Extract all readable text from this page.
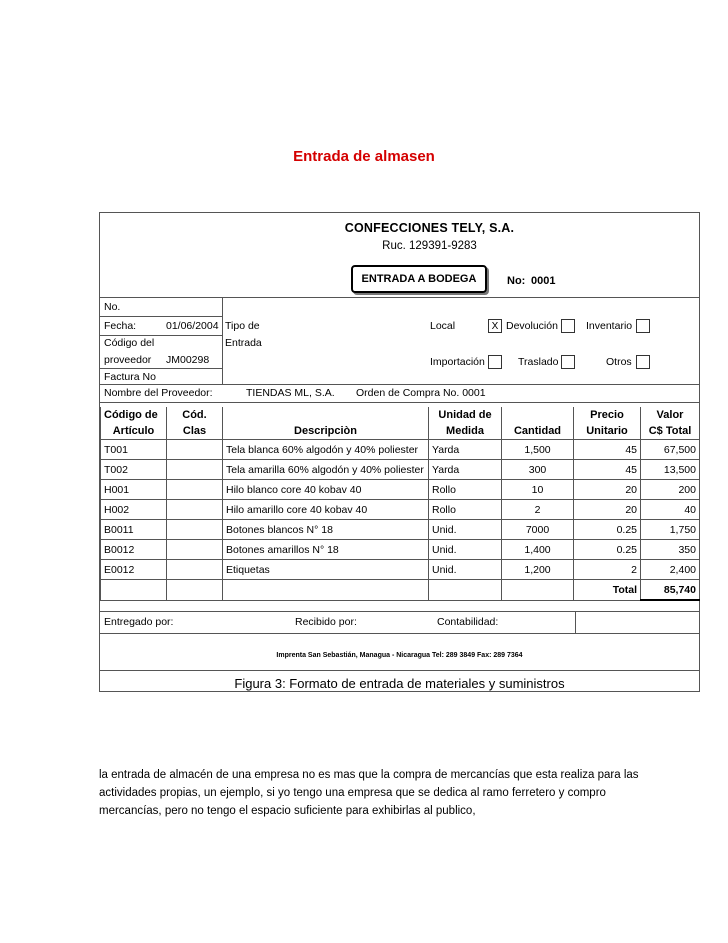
Entrada de almasen
CONFECCIONES TELY, S.A.
Ruc. 129391-9283
ENTRADA A BODEGA	No: 0001
No.
Fecha:	01/06/2004
Código del
proveedor JM00298
Factura No
Tipo de
Entrada
Local	X Devolución	Inventario
Importación	Traslado	Otros
Nombre del Proveedor:	TIENDAS ML, S.A. Orden de Compra No. 0001
Código de	Cód.		Unidad de		Precio	Valor
Artículo	Clas	Descripciòn	Medida	Cantidad	Unitario	C$ Total
T001		Tela blanca 60% algodón y 40% poliester	Yarda	1,500	45	67,500
T002		Tela amarilla 60% algodón y 40% poliester	Yarda	300	45	13,500
H001		Hilo blanco core 40 kobav 40	Rollo	10	20	200
H002		Hilo amarillo core 40 kobav 40	Rollo	2	20	40
B0011		Botones blancos N° 18	Unid.	7000	0.25	1,750
B0012		Botones amarillos N° 18	Unid.	1,400	0.25	350
E0012		Etiquetas	Unid.	1,200	2	2,400
					Total	85,740
Entregado por:	Recibido por:	Contabilidad:
Imprenta San Sebastián, Managua - Nicaragua Tel: 289 3849 Fax: 289 7364
Figura 3: Formato de entrada de materiales y suministros
la entrada de almacén de una empresa no es mas que la compra de mercancías que esta realiza para las actividades propias, un ejemplo, si yo tengo una empresa que se dedica al ramo ferretero y compro mercancías, pero no tengo el espacio suficiente para exhibirlas al publico,
